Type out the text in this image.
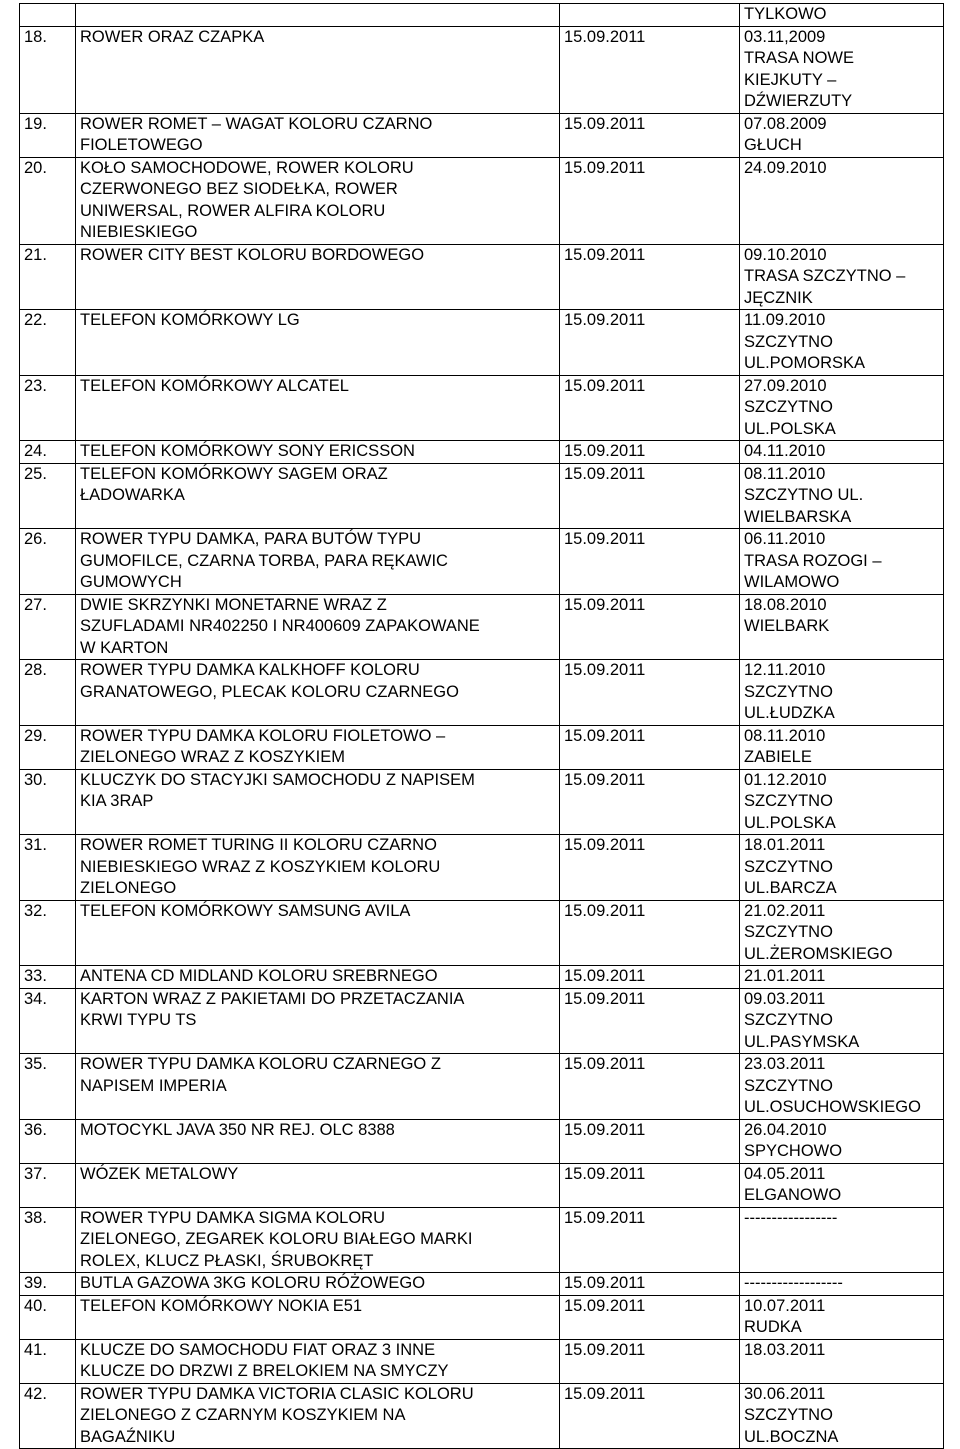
			TYLKOWO

18.	ROWER ORAZ CZAPKA	15.09.2011	03.11,2009
TRASA NOWE
KIEJKUTY –
DŹWIERZUTY

19.	ROWER ROMET – WAGAT KOLORU CZARNO
FIOLETOWEGO	15.09.2011	07.08.2009
GŁUCH

20.	KOŁO SAMOCHODOWE, ROWER KOLORU
CZERWONEGO BEZ SIODEŁKA, ROWER
UNIWERSAL, ROWER ALFIRA KOLORU
NIEBIESKIEGO	15.09.2011	24.09.2010

21.	ROWER CITY BEST KOLORU BORDOWEGO	15.09.2011	09.10.2010
TRASA SZCZYTNO –
JĘCZNIK

22.	TELEFON KOMÓRKOWY LG	15.09.2011	11.09.2010
SZCZYTNO
UL.POMORSKA

23.	TELEFON KOMÓRKOWY ALCATEL	15.09.2011	27.09.2010
SZCZYTNO
UL.POLSKA

24.	TELEFON KOMÓRKOWY SONY ERICSSON	15.09.2011	04.11.2010

25.	TELEFON KOMÓRKOWY SAGEM ORAZ
ŁADOWARKA	15.09.2011	08.11.2010
SZCZYTNO UL.
WIELBARSKA

26.	ROWER TYPU DAMKA, PARA BUTÓW TYPU
GUMOFILCE, CZARNA TORBA, PARA RĘKAWIC
GUMOWYCH	15.09.2011	06.11.2010
TRASA ROZOGI –
WILAMOWO

27.	DWIE SKRZYNKI MONETARNE WRAZ Z
SZUFLADAMI NR402250 I NR400609 ZAPAKOWANE
W KARTON	15.09.2011	18.08.2010
WIELBARK

28.	ROWER TYPU DAMKA KALKHOFF KOLORU
GRANATOWEGO, PLECAK KOLORU CZARNEGO	15.09.2011	12.11.2010
SZCZYTNO
UL.ŁUDZKA

29.	ROWER TYPU DAMKA KOLORU FIOLETOWO –
ZIELONEGO WRAZ Z KOSZYKIEM	15.09.2011	08.11.2010
ZABIELE

30.	KLUCZYK DO STACYJKI SAMOCHODU Z NAPISEM
KIA 3RAP	15.09.2011	01.12.2010
SZCZYTNO
UL.POLSKA

31.	ROWER ROMET TURING II KOLORU CZARNO
NIEBIESKIEGO WRAZ Z KOSZYKIEM KOLORU
ZIELONEGO	15.09.2011	18.01.2011
SZCZYTNO
UL.BARCZA

32.	TELEFON KOMÓRKOWY SAMSUNG AVILA	15.09.2011	21.02.2011
SZCZYTNO
UL.ŻEROMSKIEGO

33.	ANTENA CD MIDLAND KOLORU SREBRNEGO	15.09.2011	21.01.2011

34.	KARTON WRAZ Z PAKIETAMI DO PRZETACZANIA
KRWI TYPU TS	15.09.2011	09.03.2011
SZCZYTNO
UL.PASYMSKA

35.	ROWER TYPU DAMKA KOLORU CZARNEGO Z
NAPISEM IMPERIA	15.09.2011	23.03.2011
SZCZYTNO
UL.OSUCHOWSKIEGO

36.	MOTOCYKL JAVA 350 NR REJ. OLC 8388	15.09.2011	26.04.2010
SPYCHOWO

37.	WÓZEK METALOWY	15.09.2011	04.05.2011
ELGANOWO

38.	ROWER TYPU DAMKA SIGMA KOLORU
ZIELONEGO, ZEGAREK KOLORU BIAŁEGO MARKI
ROLEX, KLUCZ PŁASKI, ŚRUBOKRĘT	15.09.2011	-----------------

39.	BUTLA GAZOWA 3KG KOLORU RÓŻOWEGO	15.09.2011	------------------

40.	TELEFON KOMÓRKOWY NOKIA E51	15.09.2011	10.07.2011
RUDKA

41.	KLUCZE DO SAMOCHODU FIAT ORAZ 3 INNE
KLUCZE DO DRZWI Z BRELOKIEM NA SMYCZY	15.09.2011	18.03.2011

42.	ROWER TYPU DAMKA VICTORIA CLASIC KOLORU
ZIELONEGO Z CZARNYM KOSZYKIEM NA
BAGAŹNIKU	15.09.2011	30.06.2011
SZCZYTNO
UL.BOCZNA
